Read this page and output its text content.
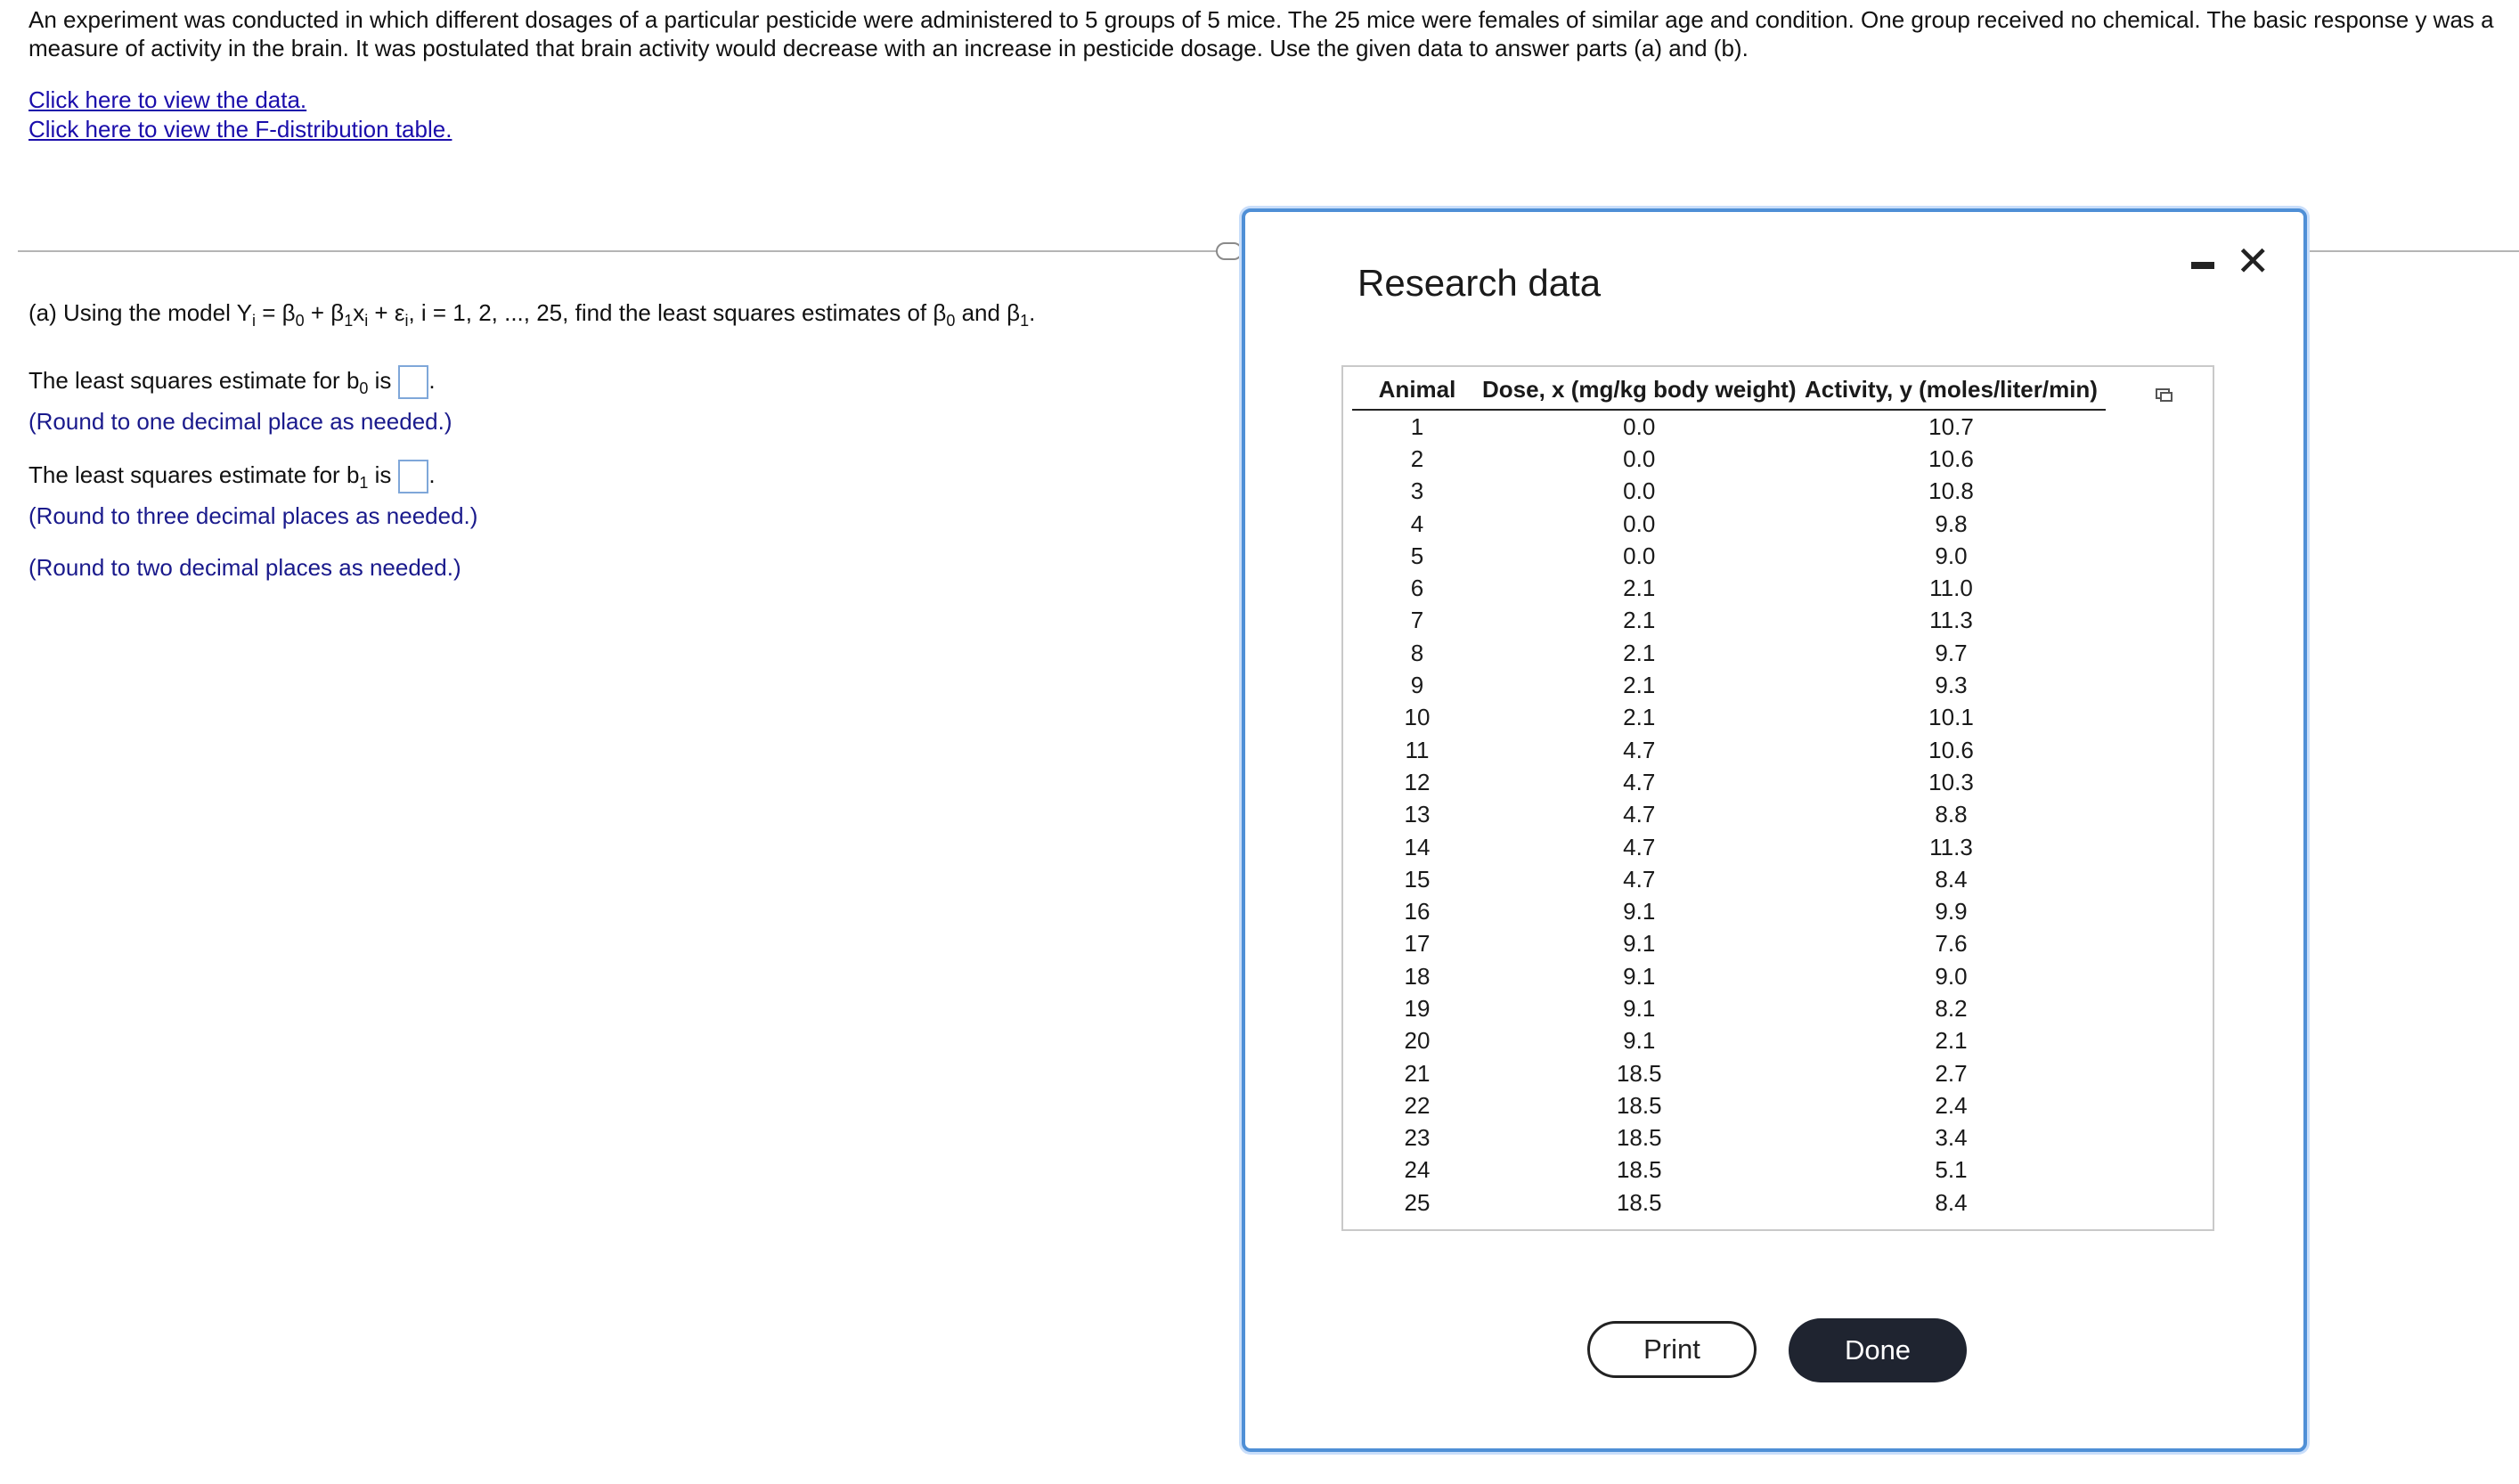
An experiment was conducted in which different dosages of a particular pesticide were administered to 5 groups of 5 mice. The 25 mice were females of similar age and condition. One group received no chemical. The basic response y was a
measure of activity in the brain. It was postulated that brain activity would decrease with an increase in pesticide dosage. Use the given data to answer parts (a) and (b).
Click here to view the data.
Click here to view the F-distribution table.
(a) Using the model $Y_i = \beta_0 + \beta_1x_i + \varepsilon_i$, i = 1, 2, ..., 25, find the least squares estimates of $\beta_0$ and $\beta_1$.
The least squares estimate for $b_0$ is .
(Round to one decimal place as needed.)
The least squares estimate for $b_1$ is .
(Round to three decimal places as needed.)
(Round to two decimal places as needed.)
Research data	✕
Animal	Dose, x (mg/kg body weight)	Activity, y (moles/liter/min)
1	0.0	10.7
2	0.0	10.6
3	0.0	10.8
4	0.0	9.8
5	0.0	9.0
6	2.1	11.0
7	2.1	11.3
8	2.1	9.7
9	2.1	9.3
10	2.1	10.1
11	4.7	10.6
12	4.7	10.3
13	4.7	8.8
14	4.7	11.3
15	4.7	8.4
16	9.1	9.9
17	9.1	7.6
18	9.1	9.0
19	9.1	8.2
20	9.1	2.1
21	18.5	2.7
22	18.5	2.4
23	18.5	3.4
24	18.5	5.1
25	18.5	8.4
Print	Done
